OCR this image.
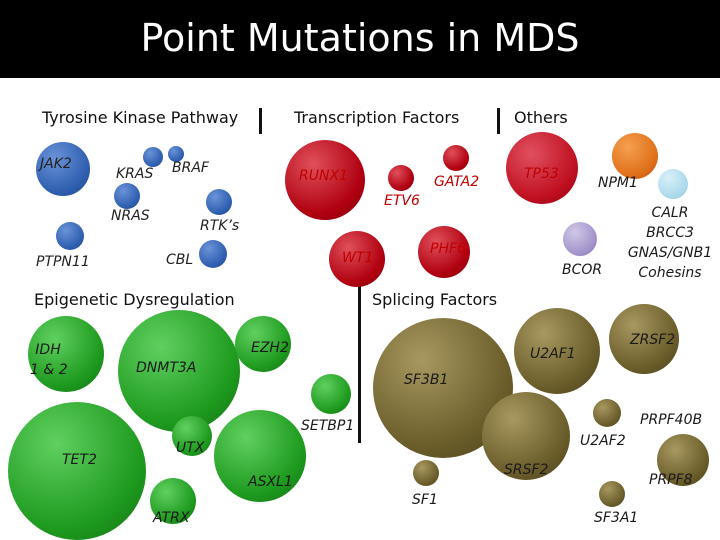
Point Mutations in MDS
Tyrosine Kinase Pathway	Transcription Factors	Others
Epigenetic Dysregulation	Splicing Factors
JAK2
KRAS BRAF
NRAS
RTK’s
PTPN11	CBL
RUNX1
ETV6
GATA2
WT1
PHF6
TP53
NPM1
BCOR
CALR
BRCC3
GNAS/GNB1
Cohesins
IDH
1 & 2	DNMT3A
EZH2
SETBP1
UTX
TET2
ASXL1
ATRX
ZRSF2
U2AF1
SF3B1
PRPF40B
U2AF2
SRSF2
PRPF8
SF1
SF3A1
